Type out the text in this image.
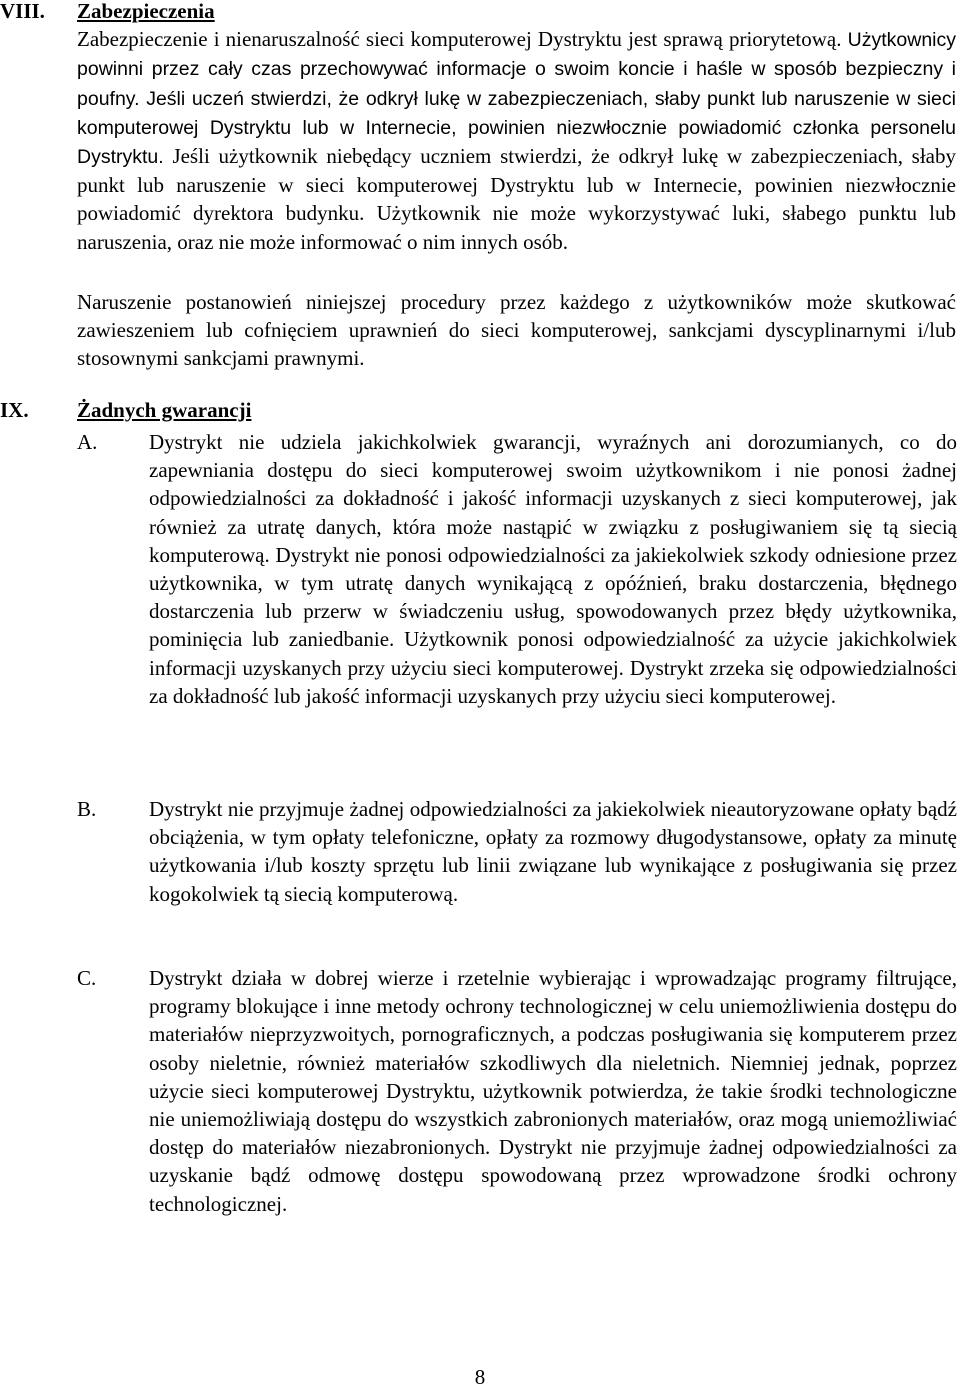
VIII. Zabezpieczenia

Zabezpieczenie i nienaruszalność sieci komputerowej Dystryktu jest sprawą priorytetową. Użytkownicy powinni przez cały czas przechowywać informacje o swoim koncie i haśle w sposób bezpieczny i poufny. Jeśli uczeń stwierdzi, że odkrył lukę w zabezpieczeniach, słaby punkt lub naruszenie w sieci komputerowej Dystryktu lub w Internecie, powinien niezwłocznie powiadomić członka personelu Dystryktu. Jeśli użytkownik niebędący uczniem stwierdzi, że odkrył lukę w zabezpieczeniach, słaby punkt lub naruszenie w sieci komputerowej Dystryktu lub w Internecie, powinien niezwłocznie powiadomić dyrektora budynku. Użytkownik nie może wykorzystywać luki, słabego punktu lub naruszenia, oraz nie może informować o nim innych osób.

Naruszenie postanowień niniejszej procedury przez każdego z użytkowników może skutkować zawieszeniem lub cofnięciem uprawnień do sieci komputerowej, sankcjami dyscyplinarnymi i/lub stosownymi sankcjami prawnymi.

IX. Żadnych gwarancji

A. Dystrykt nie udziela jakichkolwiek gwarancji, wyraźnych ani dorozumianych, co do zapewniania dostępu do sieci komputerowej swoim użytkownikom i nie ponosi żadnej odpowiedzialności za dokładność i jakość informacji uzyskanych z sieci komputerowej, jak również za utratę danych, która może nastąpić w związku z posługiwaniem się tą siecią komputerową. Dystrykt nie ponosi odpowiedzialności za jakiekolwiek szkody odniesione przez użytkownika, w tym utratę danych wynikającą z opóźnień, braku dostarczenia, błędnego dostarczenia lub przerw w świadczeniu usług, spowodowanych przez błędy użytkownika, pominięcia lub zaniedbanie. Użytkownik ponosi odpowiedzialność za użycie jakichkolwiek informacji uzyskanych przy użyciu sieci komputerowej. Dystrykt zrzeka się odpowiedzialności za dokładność lub jakość informacji uzyskanych przy użyciu sieci komputerowej.

B.	Dystrykt nie przyjmuje żadnej odpowiedzialności za jakiekolwiek nieautoryzowane opłaty bądź obciążenia, w tym opłaty telefoniczne, opłaty za rozmowy długodystansowe, opłaty za minutę użytkowania i/lub koszty sprzętu lub linii związane lub wynikające z posługiwania się przez kogokolwiek tą siecią komputerową.

C.	Dystrykt działa w dobrej wierze i rzetelnie wybierając i wprowadzając programy filtrujące, programy blokujące i inne metody ochrony technologicznej w celu uniemożliwienia dostępu do materiałów nieprzyzwoitych, pornograficznych, a podczas posługiwania się komputerem przez osoby nieletnie, również materiałów szkodliwych dla nieletnich. Niemniej jednak, poprzez użycie sieci komputerowej Dystryktu, użytkownik potwierdza, że takie środki technologiczne nie uniemożliwiają dostępu do wszystkich zabronionych materiałów, oraz mogą uniemożliwiać dostęp do materiałów niezabronionych. Dystrykt nie przyjmuje żadnej odpowiedzialności za uzyskanie bądź odmowę dostępu spowodowaną przez wprowadzone środki ochrony technologicznej.

8
